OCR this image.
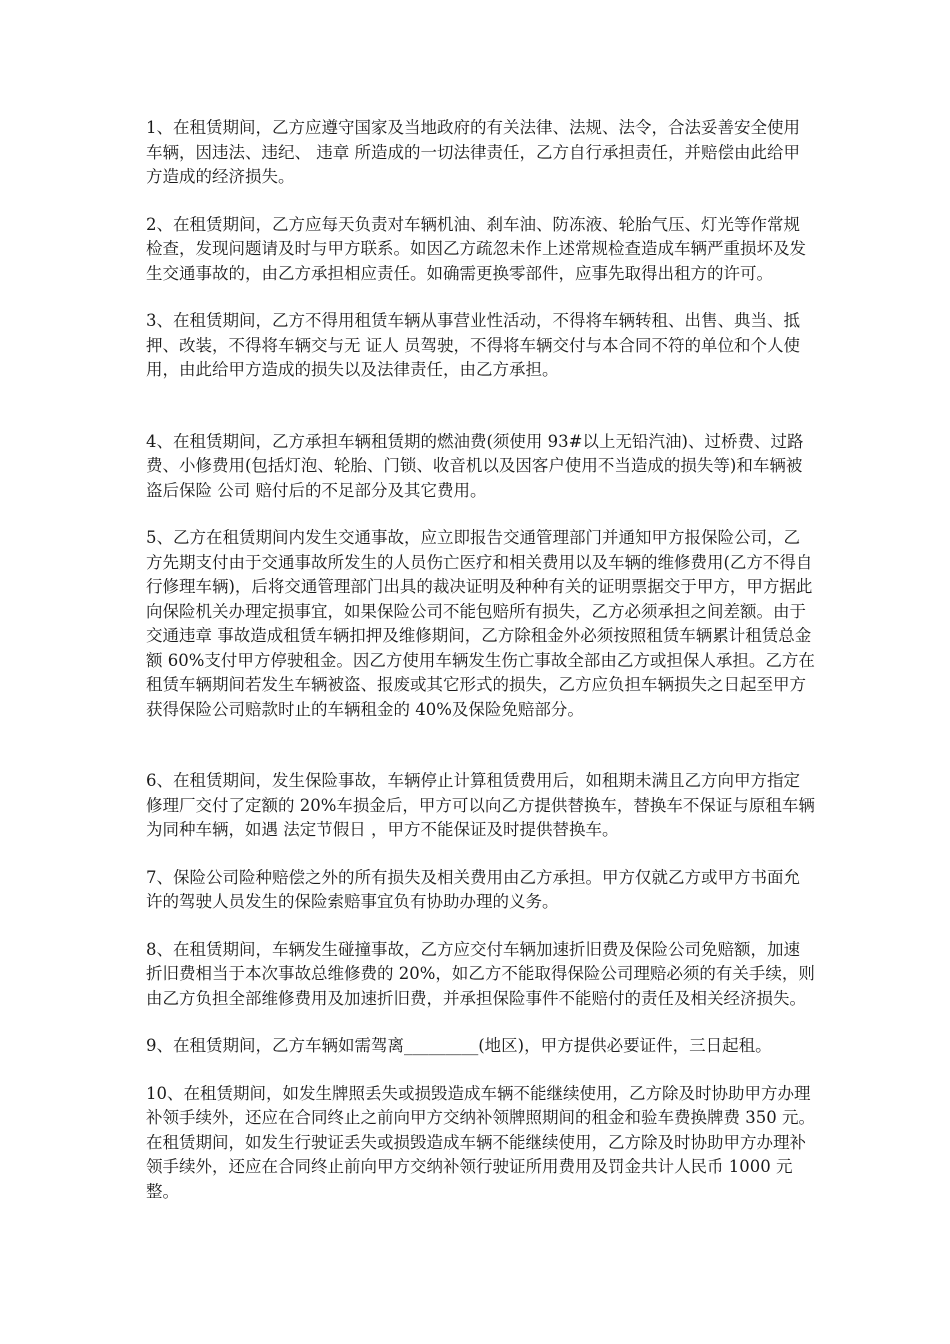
1、在租赁期间，乙方应遵守国家及当地政府的有关法律、法规、法令，合法妥善安全使用车辆，因违法、违纪、 违章 所造成的一切法律责任，乙方自行承担责任，并赔偿由此给甲方造成的经济损失。

2、在租赁期间，乙方应每天负责对车辆机油、刹车油、防冻液、轮胎气压、灯光等作常规检查，发现问题请及时与甲方联系。如因乙方疏忽未作上述常规检查造成车辆严重损坏及发生交通事故的，由乙方承担相应责任。如确需更换零部件，应事先取得出租方的许可。

3、在租赁期间，乙方不得用租赁车辆从事营业性活动，不得将车辆转租、出售、典当、抵押、改装，不得将车辆交与无 证人 员驾驶，不得将车辆交付与本合同不符的单位和个人使用，由此给甲方造成的损失以及法律责任，由乙方承担。

4、在租赁期间，乙方承担车辆租赁期的燃油费(须使用 93#以上无铅汽油)、过桥费、过路费、小修费用(包括灯泡、轮胎、门锁、收音机以及因客户使用不当造成的损失等)和车辆被盗后保险 公司 赔付后的不足部分及其它费用。

5、乙方在租赁期间内发生交通事故，应立即报告交通管理部门并通知甲方报保险公司，乙方先期支付由于交通事故所发生的人员伤亡医疗和相关费用以及车辆的维修费用(乙方不得自行修理车辆)，后将交通管理部门出具的裁决证明及种种有关的证明票据交于甲方，甲方据此向保险机关办理定损事宜，如果保险公司不能包赔所有损失，乙方必须承担之间差额。由于 交通违章 事故造成租赁车辆扣押及维修期间，乙方除租金外必须按照租赁车辆累计租赁总金额 60%支付甲方停驶租金。因乙方使用车辆发生伤亡事故全部由乙方或担保人承担。乙方在租赁车辆期间若发生车辆被盗、报废或其它形式的损失，乙方应负担车辆损失之日起至甲方获得保险公司赔款时止的车辆租金的 40%及保险免赔部分。

6、在租赁期间，发生保险事故，车辆停止计算租赁费用后，如租期未满且乙方向甲方指定修理厂交付了定额的 20%车损金后，甲方可以向乙方提供替换车，替换车不保证与原租车辆为同种车辆，如遇 法定节假日 ，甲方不能保证及时提供替换车。

7、保险公司险种赔偿之外的所有损失及相关费用由乙方承担。甲方仅就乙方或甲方书面允许的驾驶人员发生的保险索赔事宜负有协助办理的义务。

8、在租赁期间，车辆发生碰撞事故，乙方应交付车辆加速折旧费及保险公司免赔额，加速折旧费相当于本次事故总维修费的 20%，如乙方不能取得保险公司理赔必须的有关手续，则由乙方负担全部维修费用及加速折旧费，并承担保险事件不能赔付的责任及相关经济损失。

9、在租赁期间，乙方车辆如需驾离_________(地区)，甲方提供必要证件，三日起租。

10、在租赁期间，如发生牌照丢失或损毁造成车辆不能继续使用，乙方除及时协助甲方办理补领手续外，还应在合同终止之前向甲方交纳补领牌照期间的租金和验车费换牌费 350 元。在租赁期间，如发生行驶证丢失或损毁造成车辆不能继续使用，乙方除及时协助甲方办理补领手续外，还应在合同终止前向甲方交纳补领行驶证所用费用及罚金共计人民币 1000 元整。
